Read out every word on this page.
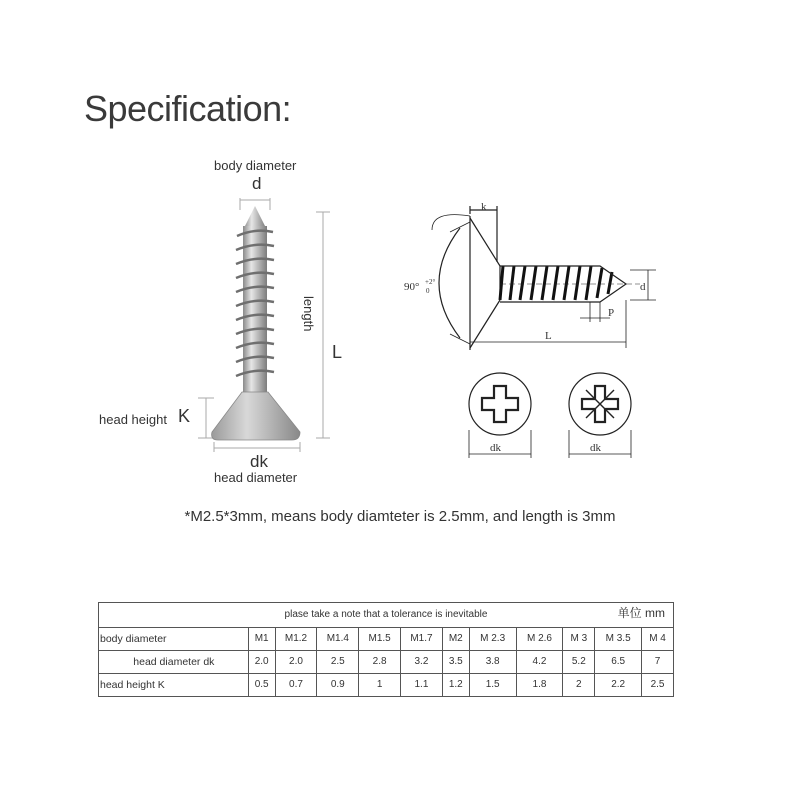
Specification:
body diameter
d
length
L
head height K
dk
head diameter
k
90° +2°
0	d
P
L
dk	dk
*M2.5*3mm, means body diamteter is 2.5mm, and length is 3mm
plase take a note that a tolerance is inevitable 单位 mm											

body diameter	M1	M1.2	M1.4	M1.5	M1.7	M2	M 2.3	M 2.6	M 3	M 3.5	M 4
head diameter dk	2.0	2.0	2.5	2.8	3.2	3.5	3.8	4.2	5.2	6.5	7
head height K	0.5	0.7	0.9	1	1.1	1.2	1.5	1.8	2	2.2	2.5
